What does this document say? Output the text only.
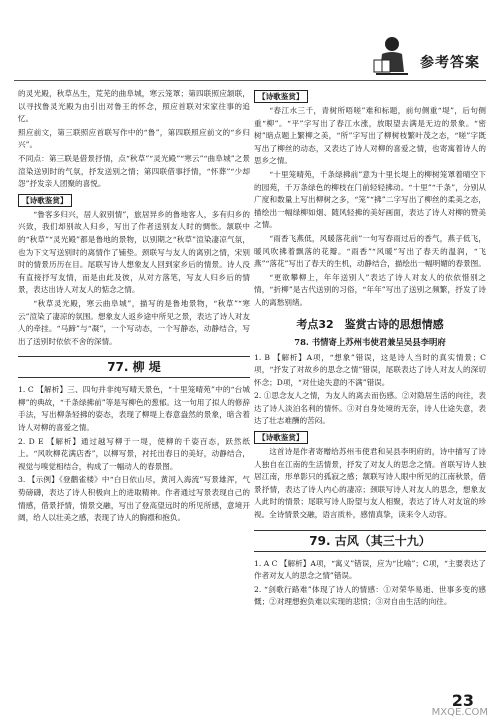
参考答案

的灵光殿，秋草丛生，荒芜的曲阜城，寒云笼罩；第四联照应颔联，以寻找鲁灵光殿为由引出对鲁王的怀念，照应首联对宋家往事的追忆。

照应前文，第三联照应首联写作中的“鲁”，第四联照应前文的“乡归兴”。

不同点：第三联是借景抒情，点“秋草”“灵光殿”“寒云”“曲阜城”之景渲染送别时的气氛，抒发送别之情；第四联借事抒情，“怀葬”“少却怨”抒发亲人团聚的喜悦。

【诗歌鉴赏】

“鲁客多归兴，居人叙别情”，旅居异乡的鲁地客人，多有归乡的兴致，我们却别故人归乡，写出了作者送别友人时的惆怅。颔联中的“秋草”“灵光殿”都是鲁地的景物，以别期之“秋草”渲染凄凉气氛，也为下文写送别时的离情作了铺垫。颈联写与友人的离别之情，宋别时的情景历历在目。尾联写诗人想象友人回到家乡后的情景。诗人没有直接抒写友情，而是由此及彼，从对方落笔，写友人归乡后的情景，表达出诗人对友人的惦念之情。

“秋草灵光殿，寒云曲阜城”，描写的是鲁地景物，“秋草”“寒云”渲染了凄凉的氛围。想象友人返乡途中所见之景，表达了诗人对友人的牵挂。“马蹄”与“凝”，一个写动态，一个写静态，动静结合，写出了送别时依依不舍的深情。

77. 柳 堤

1. C 【解析】三、四句并非纯写晴天景色，“十里笼晴苑”中的“台城柳”的典故，“千条绿拂前”等是写柳色的葱郁。这一句用了拟人的修辞手法，写出柳条轻拂的姿态，表现了柳堤上春意盎然的景象，暗含着诗人对柳的喜爱之情。

2. D E 【解析】通过越写柳于一堤，使柳的千姿百态，跃然纸上。“风吹柳花满店香”，以柳写景，衬托出春日的美好，动静结合，视觉与嗅觉相结合，构成了一幅动人的春景图。

3. 【示例】《登鹳雀楼》中“白日依山尽，黄河入海流”写景雄浑，气势磅礴，表达了诗人积极向上的进取精神。作者通过写景表现自己的情感，借景抒情，情景交融，写出了登高望远时的所见所感，意境开阔，给人以壮美之感，表现了诗人的胸襟和抱负。

【诗歌鉴赏】

“春江水三千，青树所唔嗟”难和标题，前句侧重“堤”，后句侧重“柳”。“平”字写出了春江水涨，放眼望去满是无边的景象。“密树”暗点题上繁柳之美，“所”字写出了柳树枝繁叶茂之态，“嗟”字既写出了柳丝的动态，又表达了诗人对柳的喜爱之情，也寄寓着诗人的思乡之情。

“十里笼晴苑，千条绿拂前”意为十里长堤上的柳树笼罩着晴空下的园苑，千万条绿色的柳枝在门前轻轻拂动。“十里”“千条”，分别从广度和数量上写出柳树之多，“笼”“拂”二字写出了柳丝的柔美之态，描绘出一幅绿柳如烟、随风轻拂的美好画面，表达了诗人对柳的赞美之情。

“雨香飞燕低，风暖落花前”一句写春雨过后的香气，燕子低飞，暖风吹拂着飘落的花瓣。“雨香”“风暖”写出了春天的温润，“飞燕”“落花”写出了春天的生机，动静结合，描绘出一幅明媚的春景图。

“更欲攀柳上，年年送别人”表达了诗人对友人的依依惜别之情，“折柳”是古代送别的习俗，“年年”写出了送别之频繁，抒发了诗人的离愁别绪。

考点32　鉴赏古诗的思想情感
78. 书情寄上苏州韦使君兼呈吴县李明府

1. B 【解析】A项，“想象”错误，这是诗人当时的真实情景；C项，“抒发了对故乡的思念之情”错误，尾联表达了诗人对友人的深切怀念；D项，“对仕途失意的不满”错误。

2. ①思念友人之情，为友人的离去而伤感。②对隐居生活的向往，表达了诗人淡泊名利的情怀。③对自身处境的无奈，诗人仕途失意，表达了壮志难酬的苦闷。

【诗歌鉴赏】

这首诗是作者寄赠给苏州韦使君和吴县李明府的，诗中描写了诗人独自在江南的生活情景，抒发了对友人的思念之情。首联写诗人独居江南，形单影只的孤寂之感；颔联写诗人眼中所见的江南秋景，借景抒情，表达了诗人内心的凄凉；颈联写诗人对友人的思念，想象友人此时的情景；尾联写诗人盼望与友人相聚，表达了诗人对友谊的珍视。全诗情景交融，语言质朴，感情真挚，读来令人动容。

79. 古风（其三十九）

1. A C 【解析】A项，“寓义”错误，应为“比喻”；C项，“主要表达了作者对友人的思念之情”错误。

2. “剑歌行路难”体现了诗人的情感：①对荣华易逝、世事多变的感慨；②对理想抱负难以实现的悲愤；③对自由生活的向往。

23
MXQE.COM
